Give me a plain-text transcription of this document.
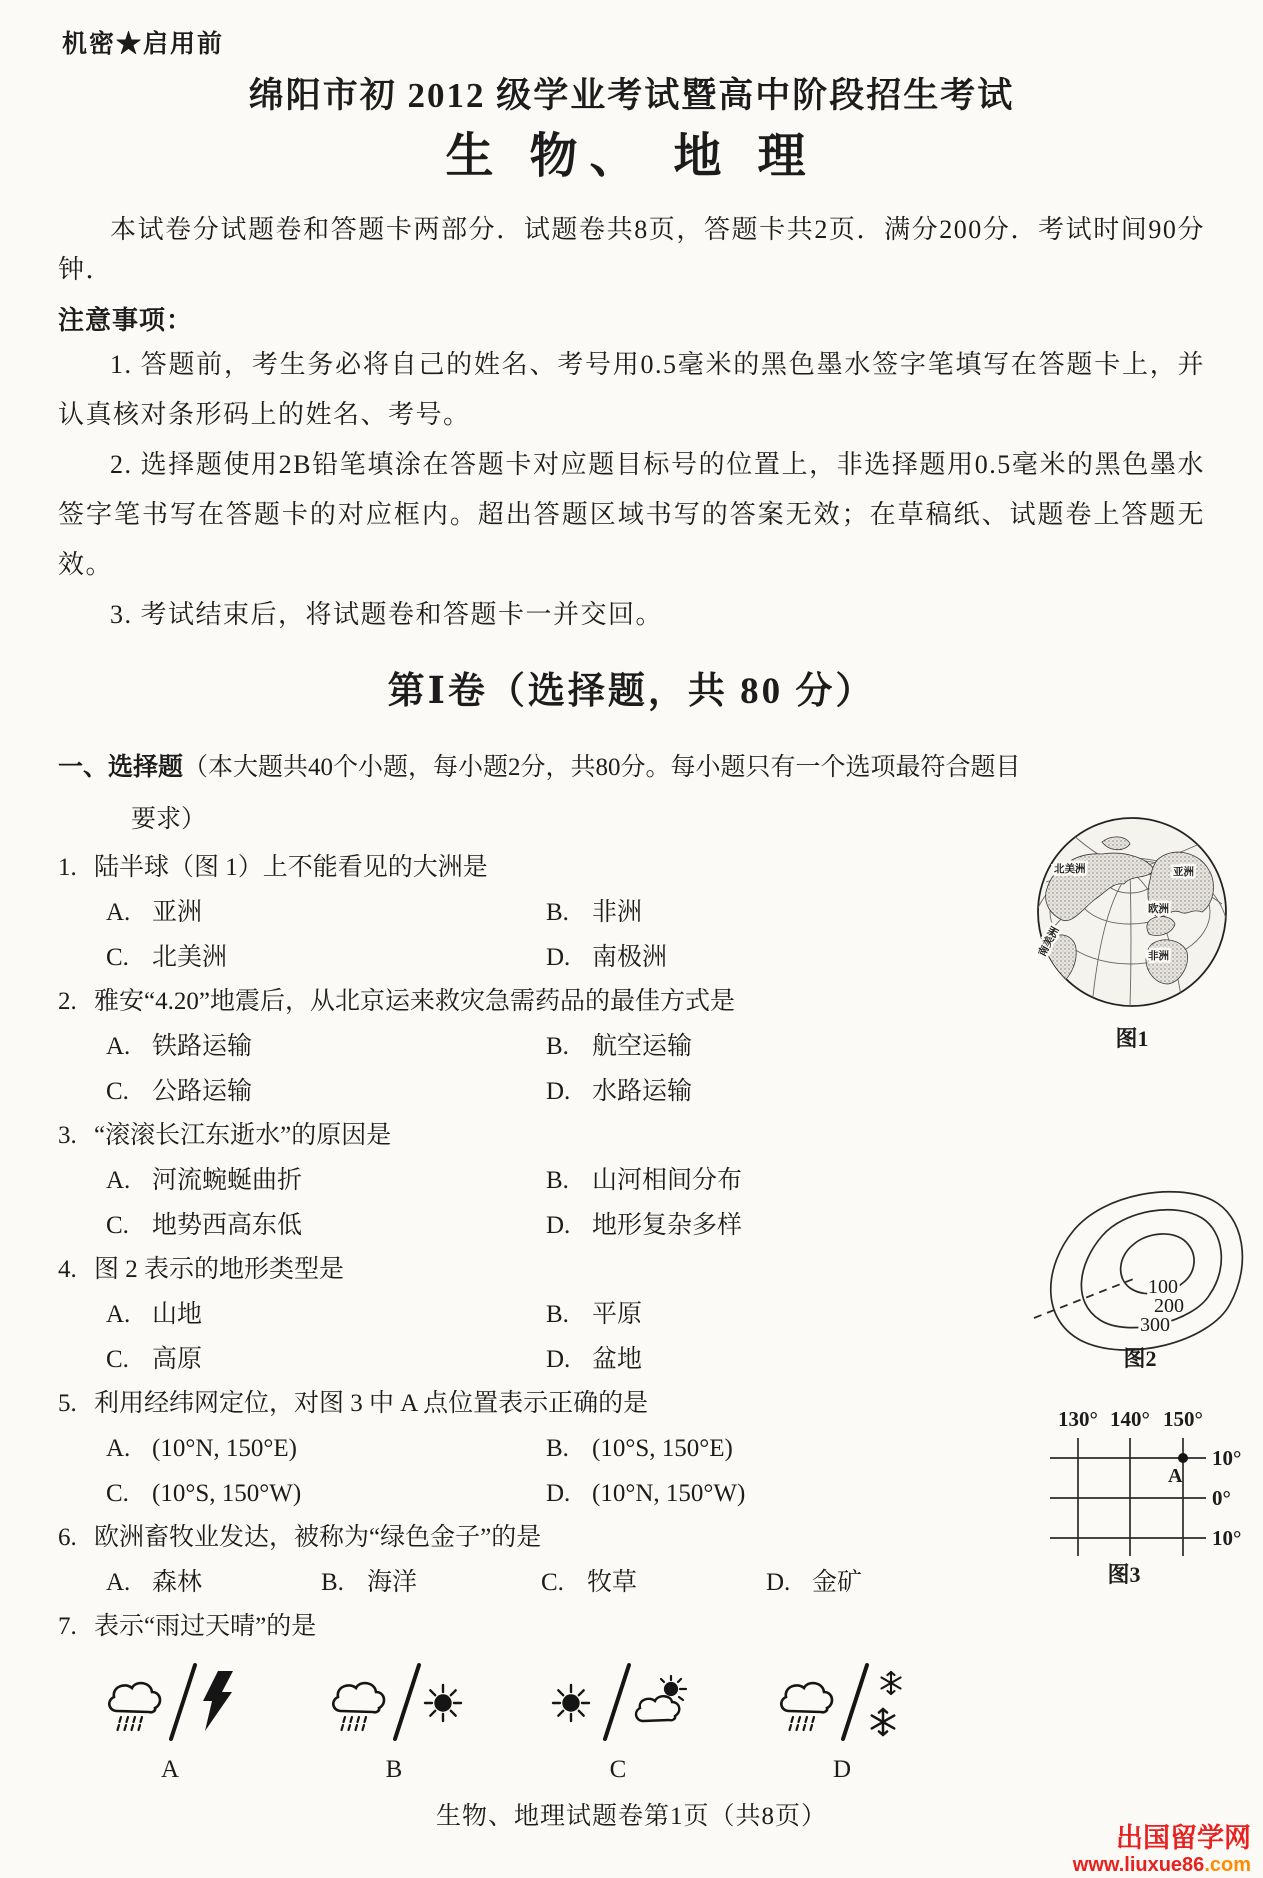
机密★启用前
绵阳市初 2012 级学业考试暨高中阶段招生考试
生 物、 地 理

本试卷分试题卷和答题卡两部分．试题卷共8页，答题卡共2页．满分200分．考试时间90分钟．

注意事项：

1. 答题前，考生务必将自己的姓名、考号用0.5毫米的黑色墨水签字笔填写在答题卡上，并认真核对条形码上的姓名、考号。

2. 选择题使用2B铅笔填涂在答题卡对应题目标号的位置上，非选择题用0.5毫米的黑色墨水签字笔书写在答题卡的对应框内。超出答题区域书写的答案无效；在草稿纸、试题卷上答题无效。

3. 考试结束后，将试题卷和答题卡一并交回。

第Ⅰ卷（选择题，共 80 分）
一、选择题（本大题共40个小题，每小题2分，共80分。每小题只有一个选项最符合题目
要求）

1. 陆半球（图 1）上不能看见的大洲是

A. 亚洲	B. 非洲
C. 北美洲	D. 南极洲

2. 雅安“4.20”地震后，从北京运来救灾急需药品的最佳方式是

A. 铁路运输	B. 航空运输
C. 公路运输	D. 水路运输

3. “滚滚长江东逝水”的原因是

A. 河流蜿蜒曲折	B. 山河相间分布
C. 地势西高东低	D. 地形复杂多样

4. 图 2 表示的地形类型是

A. 山地	B. 平原
C. 高原	D. 盆地

5. 利用经纬网定位，对图 3 中 A 点位置表示正确的是

A. (10°N, 150°E)	B. (10°S, 150°E)
C. (10°S, 150°W)	D. (10°N, 150°W)

6. 欧洲畜牧业发达，被称为“绿色金子”的是

A. 森林	B. 海洋	C. 牧草	D. 金矿

7. 表示“雨过天晴”的是

A	B	C	D
生物、地理试题卷第1页（共8页）
北美洲	亚洲
欧洲
非洲
南美洲
图1
100
200
300
图2
130° 140° 150°
10°
0°
10°
A
图3
出国留学网
www.liuxue86.com
